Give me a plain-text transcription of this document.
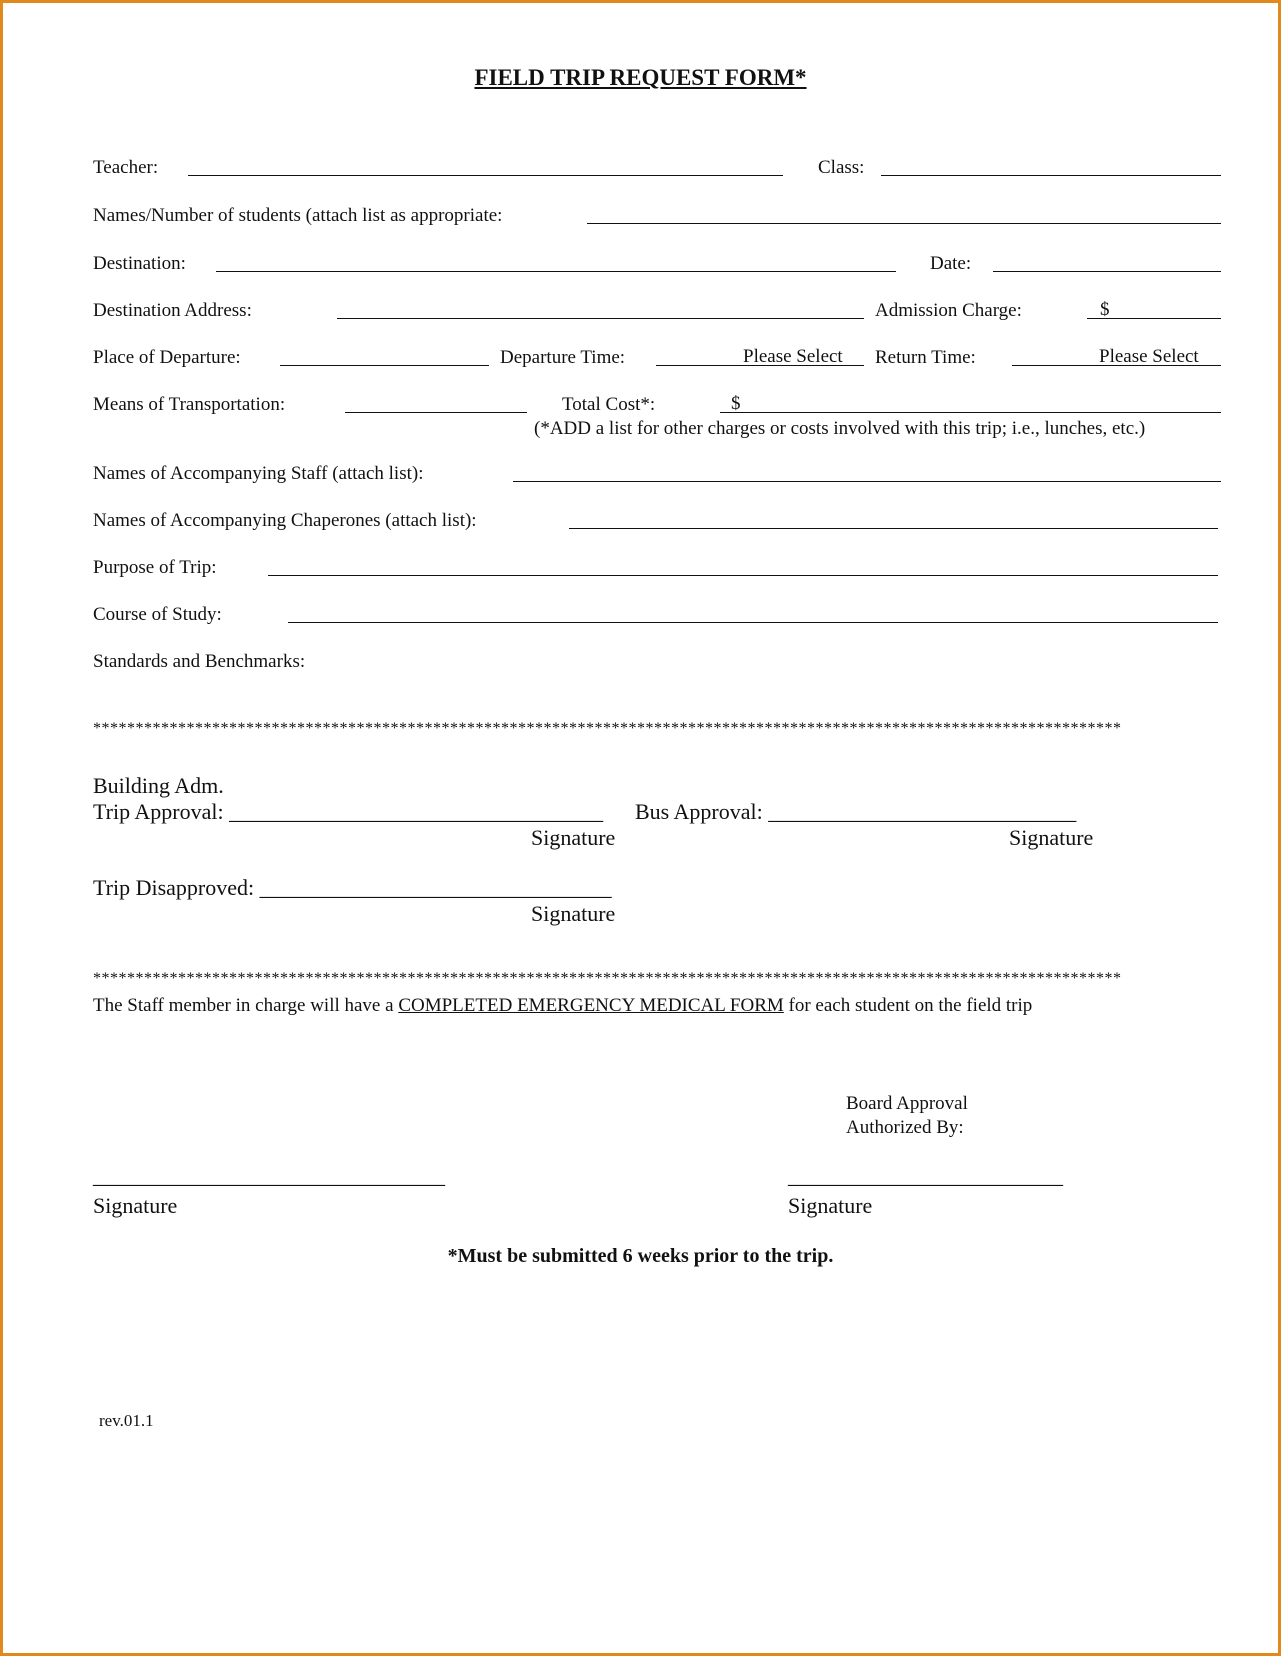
FIELD TRIP REQUEST FORM*
Teacher:	Class:
Names/Number of students (attach list as appropriate:
Destination:	Date:
Destination Address:	Admission Charge:	$
Place of Departure:	Departure Time:	Please Select Return Time:	Please Select
Means of Transportation:	Total Cost*:	$
(*ADD a list for other charges or costs involved with this trip; i.e., lunches, etc.)
Names of Accompanying Staff (attach list):
Names of Accompanying Chaperones (attach list):
Purpose of Trip:
Course of Study:
Standards and Benchmarks:
*************************************************************************************************************************
Building Adm.
Trip Approval: __________________________________ Bus Approval: ____________________________
Signature	Signature
Trip Disapproved: ________________________________
Signature
*************************************************************************************************************************
The Staff member in charge will have a COMPLETED EMERGENCY MEDICAL FORM for each student on the field trip
Board Approval
Authorized By:
________________________________	_________________________
Signature	Signature
*Must be submitted 6 weeks prior to the trip.
rev.01.1
